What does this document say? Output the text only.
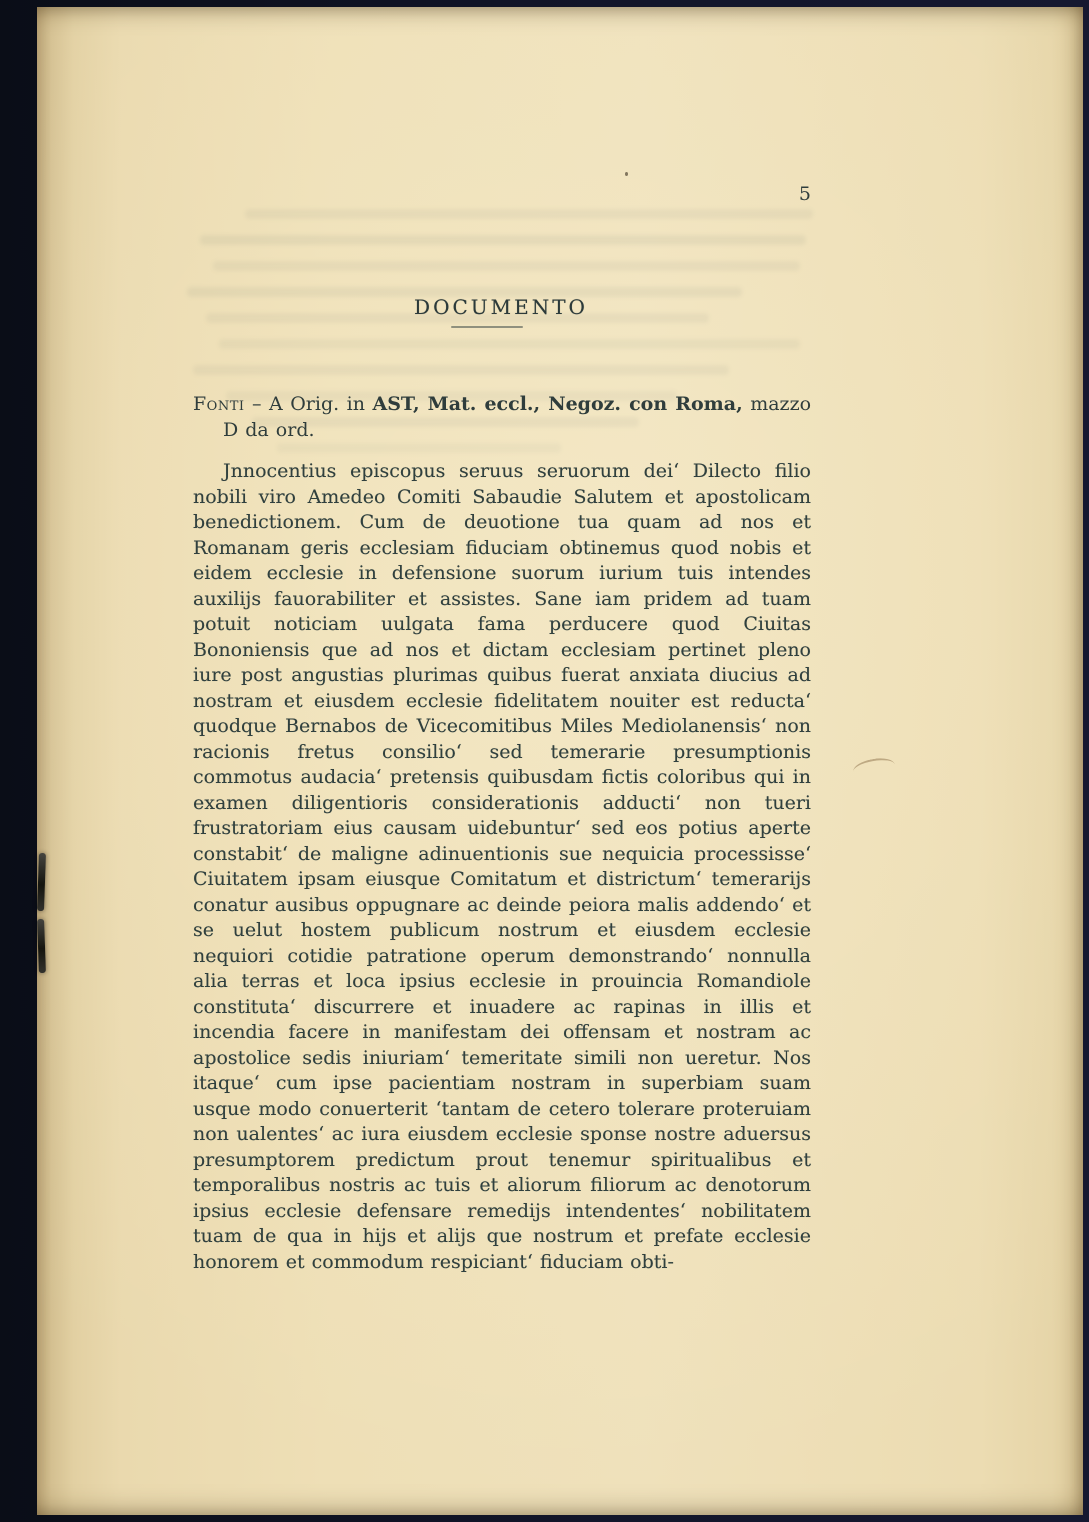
5
DOCUMENTO

Fonti – A Orig. in AST, Mat. eccl., Negoz. con Roma, mazzo D da ord.

Jnnocentius episcopus seruus seruorum dei‘ Dilecto filio nobili viro Amedeo Comiti Sabaudie Salutem et apostolicam benedictionem. Cum de deuotione tua quam ad nos et Romanam geris ecclesiam fiduciam obtinemus quod nobis et eidem ecclesie in defensione suorum iurium tuis intendes auxilijs fauorabiliter et assistes. Sane iam pridem ad tuam potuit noticiam uulgata fama perducere quod Ciuitas Bononiensis que ad nos et dictam ecclesiam pertinet pleno iure post angustias plurimas quibus fuerat anxiata diucius ad nostram et eiusdem ecclesie fidelitatem nouiter est reducta‘ quodque Bernabos de Vicecomitibus Miles Mediolanensis‘ non racionis fretus consilio‘ sed temerarie presumptionis commotus audacia‘ pretensis quibusdam fictis coloribus qui in examen diligentioris considerationis adducti‘ non tueri frustratoriam eius causam uidebuntur‘ sed eos potius aperte constabit‘ de maligne adinuentionis sue nequicia processisse‘ Ciuitatem ipsam eiusque Comitatum et districtum‘ temerarijs conatur ausibus oppugnare ac deinde peiora malis addendo‘ et se uelut hostem publicum nostrum et eiusdem ecclesie nequiori cotidie patratione operum demonstrando‘ nonnulla alia terras et loca ipsius ecclesie in prouincia Romandiole constituta‘ discurrere et inuadere ac rapinas in illis et incendia facere in manifestam dei offensam et nostram ac apostolice sedis iniuriam‘ temeritate simili non ueretur. Nos itaque‘ cum ipse pacientiam nostram in superbiam suam usque modo conuerterit ‘tantam de cetero tolerare proteruiam non ualentes‘ ac iura eiusdem ecclesie sponse nostre aduersus presumptorem predictum prout tenemur spiritualibus et temporalibus nostris ac tuis et aliorum filiorum ac denotorum ipsius ecclesie defensare remedijs intendentes‘ nobilitatem tuam de qua in hijs et alijs que nostrum et prefate ecclesie honorem et commodum respiciant‘ fiduciam obti-
